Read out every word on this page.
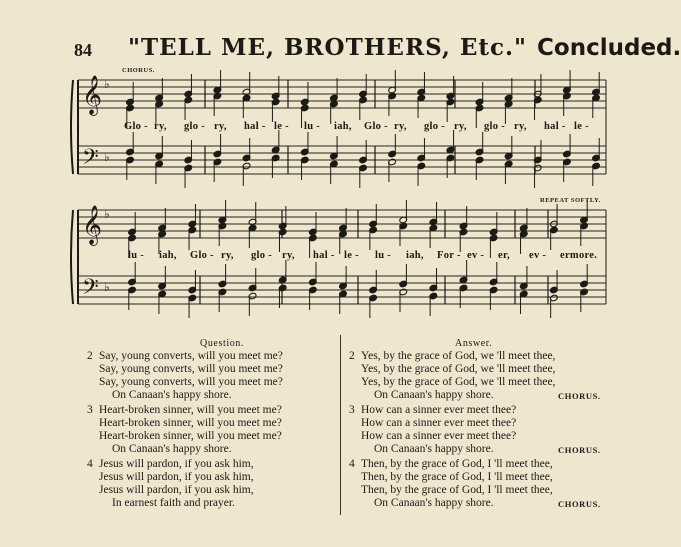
84 "TELL ME, BROTHERS, Etc." Concluded.
𝄞
𝄢
♭
♭
𝄞
𝄢
♭
♭
CHORUS.
REPEAT SOFTLY.
Glo - ry, glo - ry, hal - le - lu - iah, Glo - ry, glo - ry, glo - ry, hal - le -
lu - iah, Glo - ry, glo - ry, hal - le - lu - iah, For - ev - er, ev - ermore.
Question.	Answer.
2 Say, young converts, will you meet me?
Say, young converts, will you meet me?
Say, young converts, will you meet me?
On Canaan's happy shore.
3 Heart-broken sinner, will you meet me?
Heart-broken sinner, will you meet me?
Heart-broken sinner, will you meet me?
On Canaan's happy shore.
4 Jesus will pardon, if you ask him,
Jesus will pardon, if you ask him,
Jesus will pardon, if you ask him,
In earnest faith and prayer.
2 Yes, by the grace of God, we 'll meet thee,
Yes, by the grace of God, we 'll meet thee,
Yes, by the grace of God, we 'll meet thee,
On Canaan's happy shore.	CHORUS.
3 How can a sinner ever meet thee?
How can a sinner ever meet thee?
How can a sinner ever meet thee?
On Canaan's happy shore.	CHORUS.
4 Then, by the grace of God, I 'll meet thee,
Then, by the grace of God, I 'll meet thee,
Then, by the grace of God, I 'll meet thee,
On Canaan's happy shore.	CHORUS.
